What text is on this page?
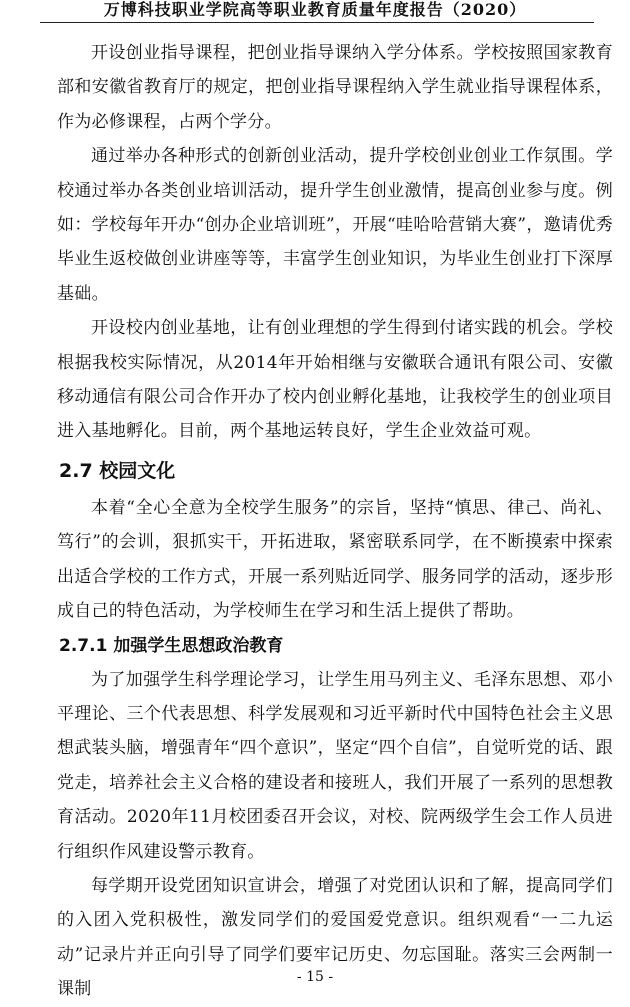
万博科技职业学院高等职业教育质量年度报告（2020）

开设创业指导课程，把创业指导课纳入学分体系。学校按照国家教育部和安徽省教育厅的规定，把创业指导课程纳入学生就业指导课程体系，作为必修课程，占两个学分。

通过举办各种形式的创新创业活动，提升学校创业创业工作氛围。学校通过举办各类创业培训活动，提升学生创业激情，提高创业参与度。例如：学校每年开办“创办企业培训班”，开展“哇哈哈营销大赛”，邀请优秀毕业生返校做创业讲座等等，丰富学生创业知识，为毕业生创业打下深厚基础。

开设校内创业基地，让有创业理想的学生得到付诸实践的机会。学校根据我校实际情况，从2014年开始相继与安徽联合通讯有限公司、安徽移动通信有限公司合作开办了校内创业孵化基地，让我校学生的创业项目进入基地孵化。目前，两个基地运转良好，学生企业效益可观。

2.7 校园文化

本着“全心全意为全校学生服务”的宗旨，坚持“慎思、律己、尚礼、笃行”的会训，狠抓实干，开拓进取，紧密联系同学，在不断摸索中探索出适合学校的工作方式，开展一系列贴近同学、服务同学的活动，逐步形成自己的特色活动，为学校师生在学习和生活上提供了帮助。

2.7.1 加强学生思想政治教育

为了加强学生科学理论学习，让学生用马列主义、毛泽东思想、邓小平理论、三个代表思想、科学发展观和习近平新时代中国特色社会主义思想武装头脑，增强青年“四个意识”，坚定“四个自信”，自觉听党的话、跟党走，培养社会主义合格的建设者和接班人，我们开展了一系列的思想教育活动。2020年11月校团委召开会议，对校、院两级学生会工作人员进行组织作风建设警示教育。

每学期开设党团知识宣讲会，增强了对党团认识和了解，提高同学们的入团入党积极性，激发同学们的爱国爱党意识。组织观看“一二九运动”记录片并正向引导了同学们要牢记历史、勿忘国耻。落实三会两制一课制

- 15 -
